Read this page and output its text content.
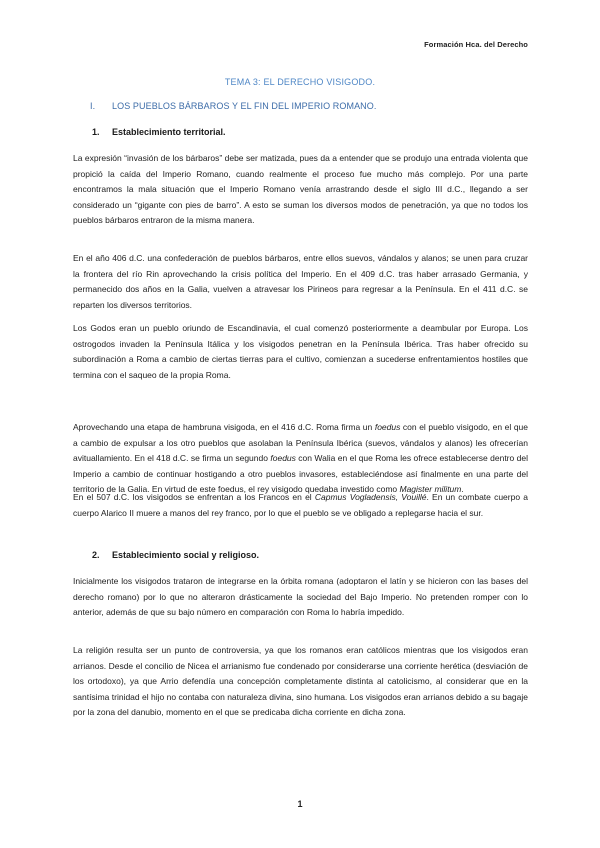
Formación Hca. del Derecho
TEMA 3: EL DERECHO VISIGODO.
I. LOS PUEBLOS BÁRBAROS Y EL FIN DEL IMPERIO ROMANO.
1. Establecimiento territorial.
La expresión “invasión de los bárbaros” debe ser matizada, pues da a entender que se produjo una entrada violenta que propició la caída del Imperio Romano, cuando realmente el proceso fue mucho más complejo. Por una parte encontramos la mala situación que el Imperio Romano venía arrastrando desde el siglo III d.C., llegando a ser considerado un “gigante con pies de barro”. A esto se suman los diversos modos de penetración, ya que no todos los pueblos bárbaros entraron de la misma manera.
En el año 406 d.C. una confederación de pueblos bárbaros, entre ellos suevos, vándalos y alanos; se unen para cruzar la frontera del río Rin aprovechando la crisis política del Imperio. En el 409 d.C. tras haber arrasado Germania, y permanecido dos años en la Galia, vuelven a atravesar los Pirineos para regresar a la Península. En el 411 d.C. se reparten los diversos territorios.
Los Godos eran un pueblo oriundo de Escandinavia, el cual comenzó posteriormente a deambular por Europa. Los ostrogodos invaden la Península Itálica y los visigodos penetran en la Península Ibérica. Tras haber ofrecido su subordinación a Roma a cambio de ciertas tierras para el cultivo, comienzan a sucederse enfrentamientos hostiles que termina con el saqueo de la propia Roma.
Aprovechando una etapa de hambruna visigoda, en el 416 d.C. Roma firma un foedus con el pueblo visigodo, en el que a cambio de expulsar a los otro pueblos que asolaban la Península Ibérica (suevos, vándalos y alanos) les ofrecerían avituallamiento. En el 418 d.C. se firma un segundo foedus con Walia en el que Roma les ofrece establecerse dentro del Imperio a cambio de continuar hostigando a otro pueblos invasores, estableciéndose así finalmente en una parte del territorio de la Galia. En virtud de este foedus, el rey visigodo quedaba investido como Magister militum.
En el 507 d.C. los visigodos se enfrentan a los Francos en el Capmus Vogladensis, Vouillé. En un combate cuerpo a cuerpo Alarico II muere a manos del rey franco, por lo que el pueblo se ve obligado a replegarse hacia el sur.
2. Establecimiento social y religioso.
Inicialmente los visigodos trataron de integrarse en la órbita romana (adoptaron el latín y se hicieron con las bases del derecho romano) por lo que no alteraron drásticamente la sociedad del Bajo Imperio. No pretenden romper con lo anterior, además de que su bajo número en comparación con Roma lo habría impedido.
La religión resulta ser un punto de controversia, ya que los romanos eran católicos mientras que los visigodos eran arrianos. Desde el concilio de Nicea el arrianismo fue condenado por considerarse una corriente herética (desviación de los ortodoxo), ya que Arrio defendía una concepción completamente distinta al catolicismo, al considerar que en la santísima trinidad el hijo no contaba con naturaleza divina, sino humana. Los visigodos eran arrianos debido a su bagaje por la zona del danubio, momento en el que se predicaba dicha corriente en dicha zona.
1
